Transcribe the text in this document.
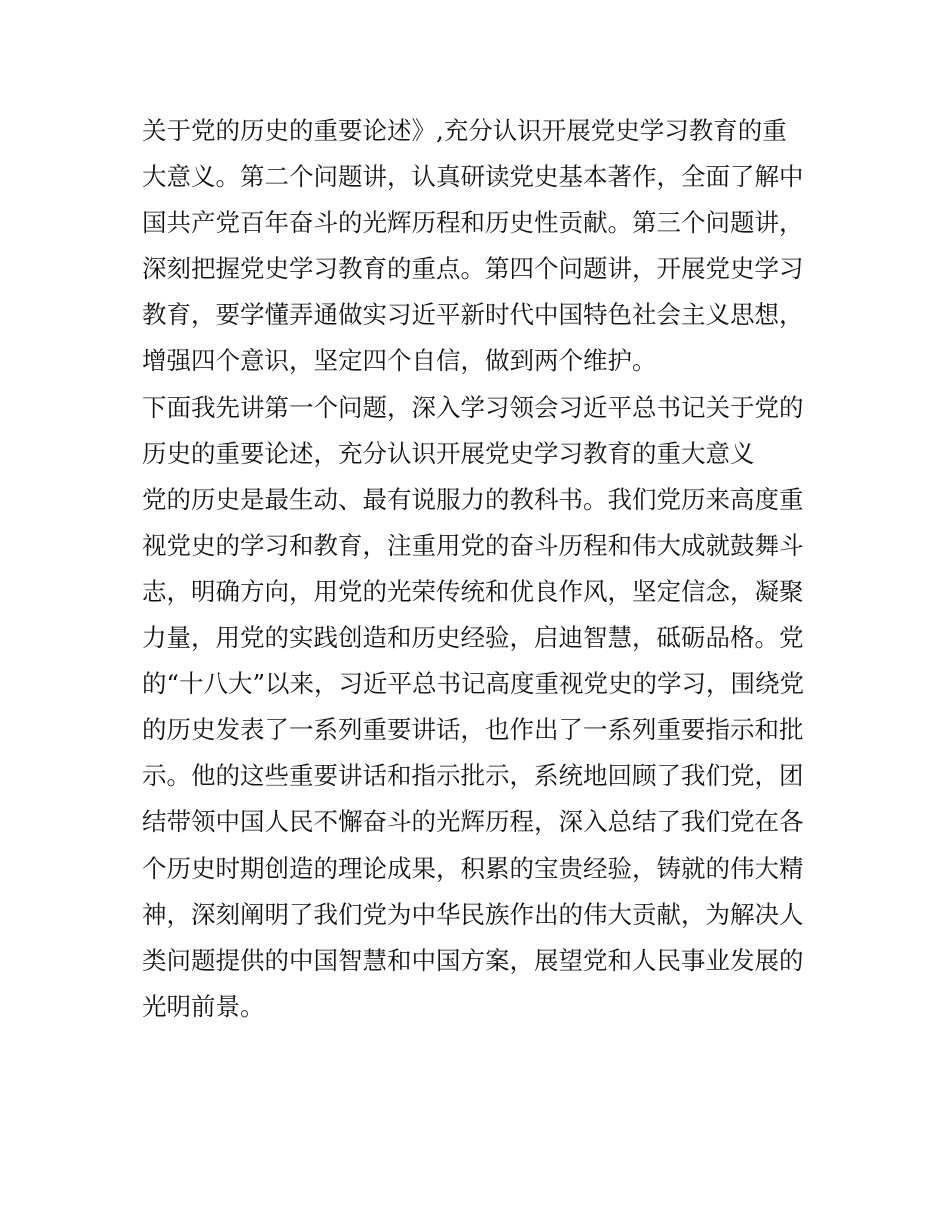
关于党的历史的重要论述》,充分认识开展党史学习教育的重
大意义。第二个问题讲，认真研读党史基本著作，全面了解中
国共产党百年奋斗的光辉历程和历史性贡献。第三个问题讲，
深刻把握党史学习教育的重点。第四个问题讲，开展党史学习
教育，要学懂弄通做实习近平新时代中国特色社会主义思想，
增强四个意识，坚定四个自信，做到两个维护。
下面我先讲第一个问题，深入学习领会习近平总书记关于党的
历史的重要论述，充分认识开展党史学习教育的重大意义
党的历史是最生动、最有说服力的教科书。我们党历来高度重
视党史的学习和教育，注重用党的奋斗历程和伟大成就鼓舞斗
志，明确方向，用党的光荣传统和优良作风，坚定信念，凝聚
力量，用党的实践创造和历史经验，启迪智慧，砥砺品格。党
的“十八大”以来，习近平总书记高度重视党史的学习，围绕党
的历史发表了一系列重要讲话，也作出了一系列重要指示和批
示。他的这些重要讲话和指示批示，系统地回顾了我们党，团
结带领中国人民不懈奋斗的光辉历程，深入总结了我们党在各
个历史时期创造的理论成果，积累的宝贵经验，铸就的伟大精
神，深刻阐明了我们党为中华民族作出的伟大贡献，为解决人
类问题提供的中国智慧和中国方案，展望党和人民事业发展的
光明前景。
